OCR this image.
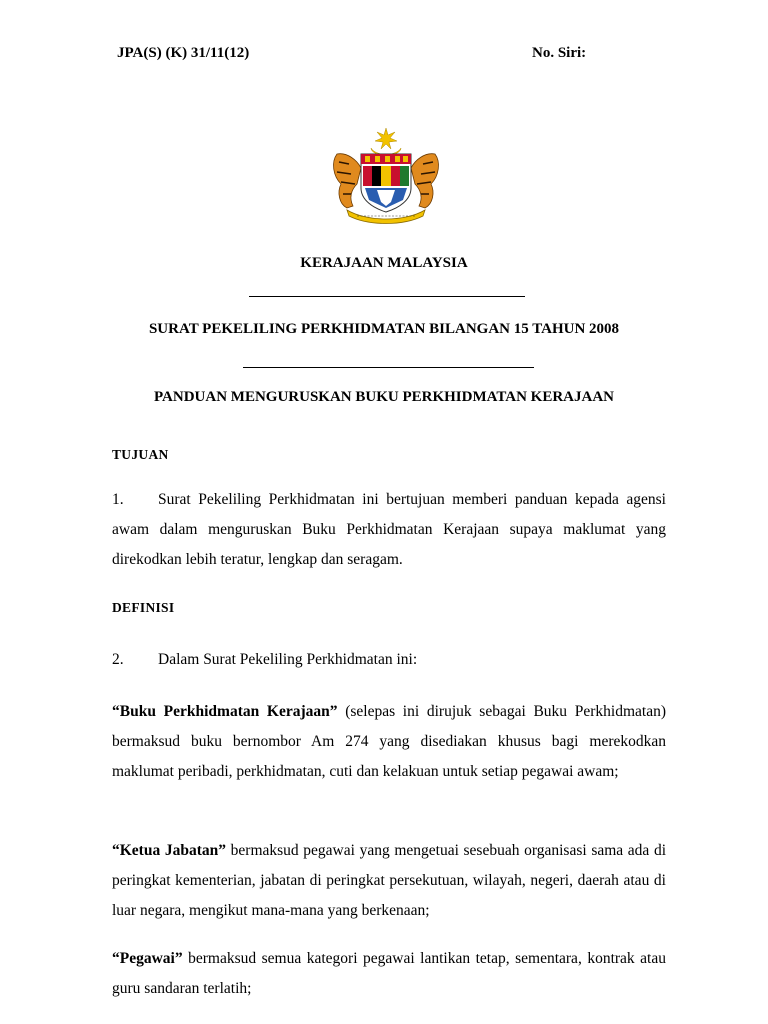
JPA(S) (K) 31/11(12)	No. Siri:
KERAJAAN MALAYSIA
SURAT PEKELILING PERKHIDMATAN BILANGAN 15 TAHUN 2008
PANDUAN MENGURUSKAN BUKU PERKHIDMATAN KERAJAAN
TUJUAN
1. Surat Pekeliling Perkhidmatan ini bertujuan memberi panduan kepada agensi awam dalam menguruskan Buku Perkhidmatan Kerajaan supaya maklumat yang direkodkan lebih teratur, lengkap dan seragam.
DEFINISI
2. Dalam Surat Pekeliling Perkhidmatan ini:
“Buku Perkhidmatan Kerajaan” (selepas ini dirujuk sebagai Buku Perkhidmatan) bermaksud buku bernombor Am 274 yang disediakan khusus bagi merekodkan maklumat peribadi, perkhidmatan, cuti dan kelakuan untuk setiap pegawai awam;
“Ketua Jabatan” bermaksud pegawai yang mengetuai sesebuah organisasi sama ada di peringkat kementerian, jabatan di peringkat persekutuan, wilayah, negeri, daerah atau di luar negara, mengikut mana-mana yang berkenaan;
“Pegawai” bermaksud semua kategori pegawai lantikan tetap, sementara, kontrak atau guru sandaran terlatih;
